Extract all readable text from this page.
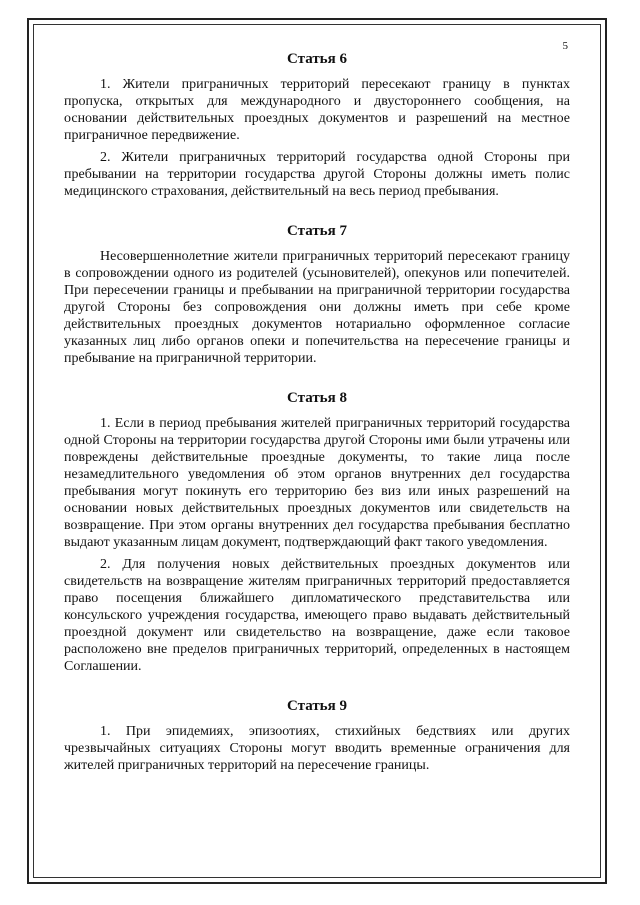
5
Статья 6

1. Жители приграничных территорий пересекают границу в пунктах пропуска, открытых для международного и двустороннего сообщения, на основании действительных проездных документов и разрешений на местное приграничное передвижение.

2. Жители приграничных территорий государства одной Стороны при пребывании на территории государства другой Стороны должны иметь полис медицинского страхования, действительный на весь период пребывания.

Статья 7

Несовершеннолетние жители приграничных территорий пересекают границу в сопровождении одного из родителей (усыновителей), опекунов или попечителей. При пересечении границы и пребывании на приграничной территории государства другой Стороны без сопровождения они должны иметь при себе кроме действительных проездных документов нотариально оформленное согласие указанных лиц либо органов опеки и попечительства на пересечение границы и пребывание на приграничной территории.

Статья 8

1. Если в период пребывания жителей приграничных территорий государства одной Стороны на территории государства другой Стороны ими были утрачены или повреждены действительные проездные документы, то такие лица после незамедлительного уведомления об этом органов внутренних дел государства пребывания могут покинуть его территорию без виз или иных разрешений на основании новых действительных проездных документов или свидетельств на возвращение. При этом органы внутренних дел государства пребывания бесплатно выдают указанным лицам документ, подтверждающий факт такого уведомления.

2. Для получения новых действительных проездных документов или свидетельств на возвращение жителям приграничных территорий предоставляется право посещения ближайшего дипломатического представительства или консульского учреждения государства, имеющего право выдавать действительный проездной документ или свидетельство на возвращение, даже если таковое расположено вне пределов приграничных территорий, определенных в настоящем Соглашении.

Статья 9

1. При эпидемиях, эпизоотиях, стихийных бедствиях или других чрезвычайных ситуациях Стороны могут вводить временные ограничения для жителей приграничных территорий на пересечение границы.
